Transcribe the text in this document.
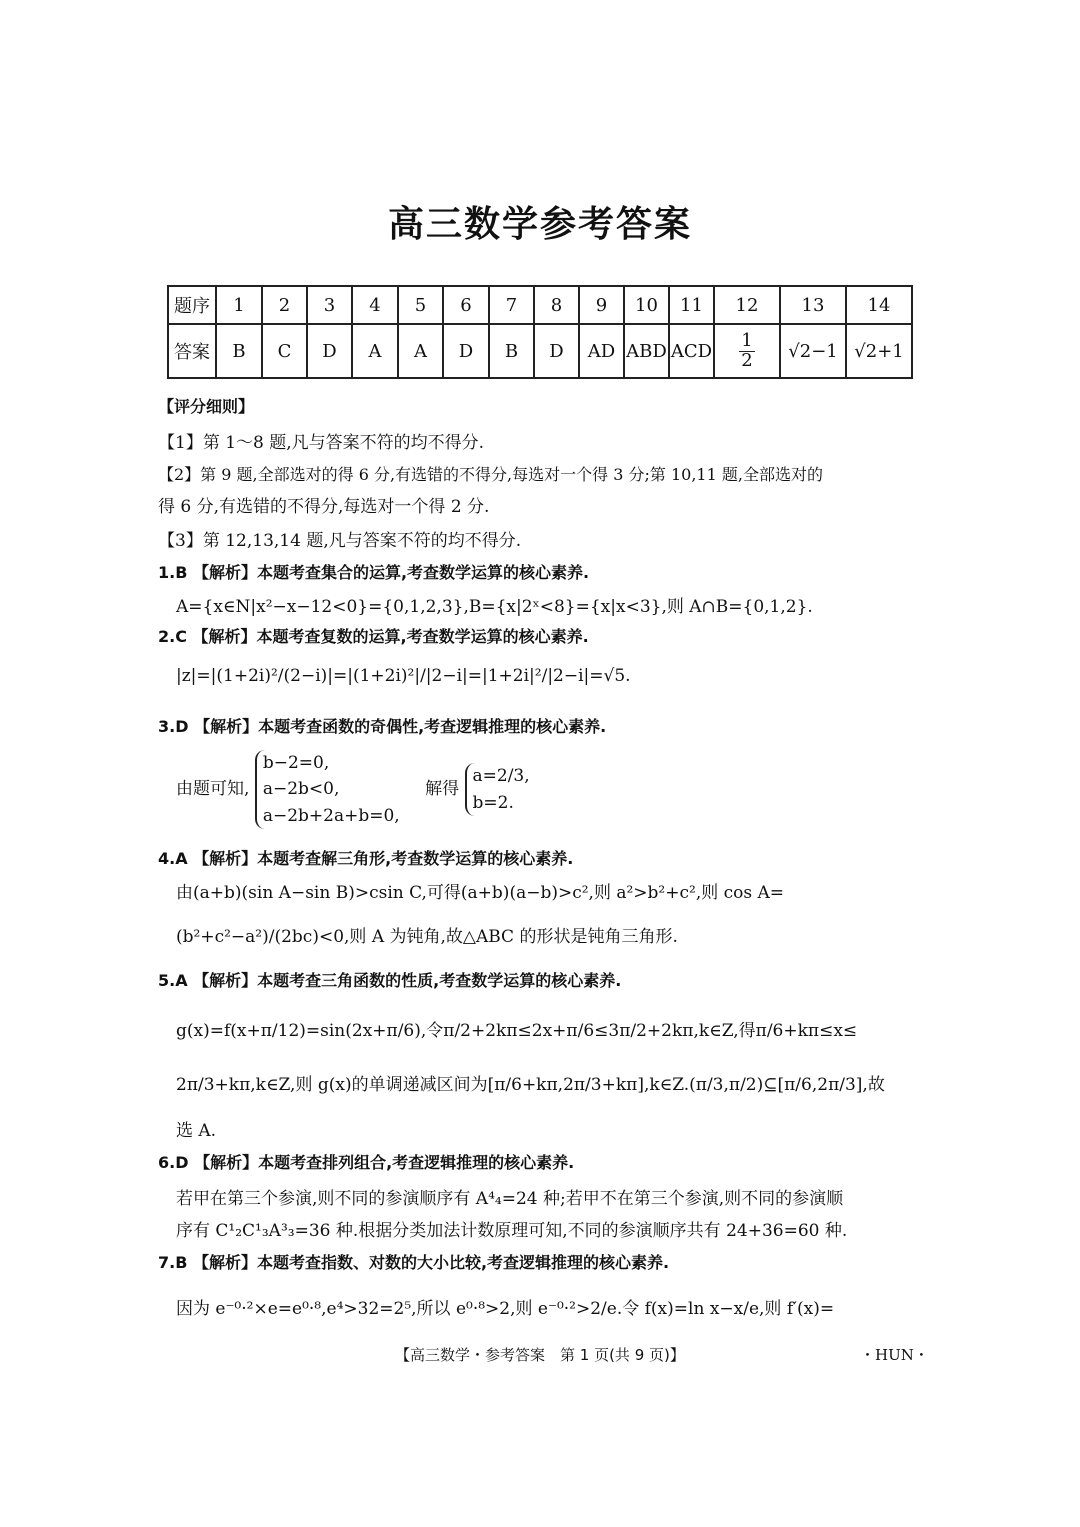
高三数学参考答案
题序	1	2	3	4	5	6	7	8	9	10	11	12	13	14
答案	B	C	D	A	A	D	B	D	AD	ABD	ACD	$\frac{1}{2}$	√2−1	√2+1
【评分细则】
【1】第 1～8 题,凡与答案不符的均不得分.
【2】第 9 题,全部选对的得 6 分,有选错的不得分,每选对一个得 3 分;第 10,11 题,全部选对的
得 6 分,有选错的不得分,每选对一个得 2 分.
【3】第 12,13,14 题,凡与答案不符的均不得分.
1.B 【解析】本题考查集合的运算,考查数学运算的核心素养.
A={x∈N|x²−x−12<0}={0,1,2,3},B={x|2ˣ<8}={x|x<3},则 A∩B={0,1,2}.
2.C 【解析】本题考查复数的运算,考查数学运算的核心素养.
|z|=|(1+2i)²/(2−i)|=|(1+2i)²|/|2−i|=|1+2i|²/|2−i|=√5.
3.D 【解析】本题考查函数的奇偶性,考查逻辑推理的核心素养.
由题可知,
b−2=0,
a−2b<0,
a−2b+2a+b=0,
解得
a=2/3,
b=2.
4.A 【解析】本题考查解三角形,考查数学运算的核心素养.
由(a+b)(sin A−sin B)>csin C,可得(a+b)(a−b)>c²,则 a²>b²+c²,则 cos A=
(b²+c²−a²)/(2bc)<0,则 A 为钝角,故△ABC 的形状是钝角三角形.
5.A 【解析】本题考查三角函数的性质,考查数学运算的核心素养.
g(x)=f(x+π/12)=sin(2x+π/6),令π/2+2kπ≤2x+π/6≤3π/2+2kπ,k∈Z,得π/6+kπ≤x≤
2π/3+kπ,k∈Z,则 g(x)的单调递减区间为[π/6+kπ,2π/3+kπ],k∈Z.(π/3,π/2)⊆[π/6,2π/3],故
选 A.
6.D 【解析】本题考查排列组合,考查逻辑推理的核心素养.
若甲在第三个参演,则不同的参演顺序有 A⁴₄=24 种;若甲不在第三个参演,则不同的参演顺
序有 C¹₂C¹₃A³₃=36 种.根据分类加法计数原理可知,不同的参演顺序共有 24+36=60 种.
7.B 【解析】本题考查指数、对数的大小比较,考查逻辑推理的核心素养.
因为 e⁻⁰·²×e=e⁰·⁸,e⁴>32=2⁵,所以 e⁰·⁸>2,则 e⁻⁰·²>2/e.令 f(x)=ln x−x/e,则 f′(x)=
【高三数学・参考答案　第 1 页(共 9 页)】	・HUN・
